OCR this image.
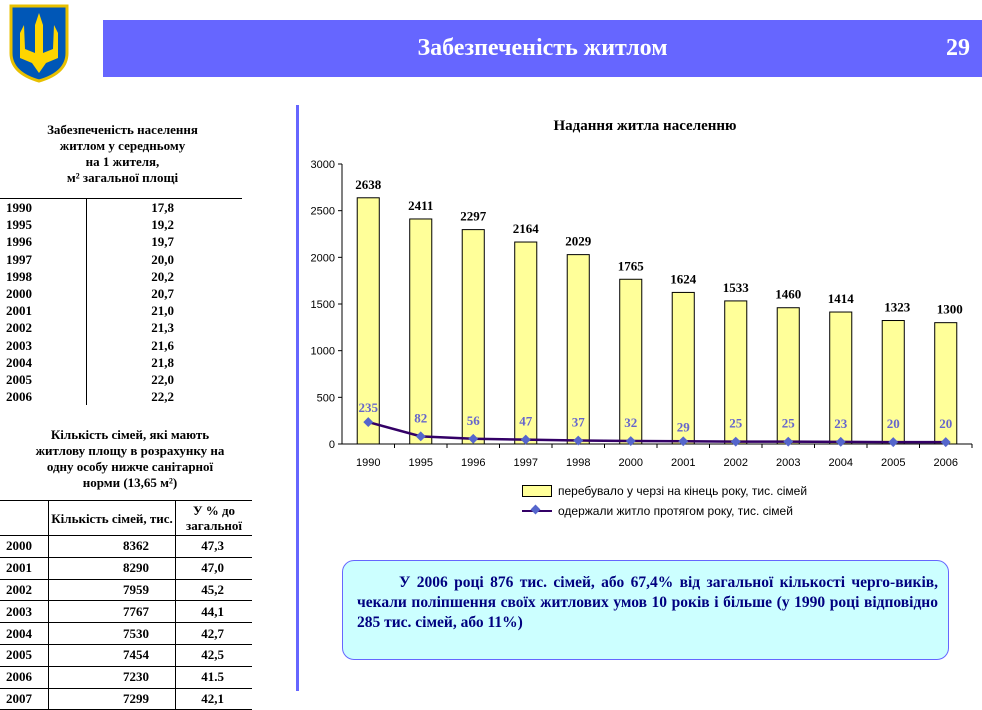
Забезпеченість житлом	29
Забезпеченість населення
житлом у середньому
на 1 жителя,
м² загальної площі
1990	17,8
1995	19,2
1996	19,7
1997	20,0
1998	20,2
2000	20,7
2001	21,0
2002	21,3
2003	21,6
2004	21,8
2005	22,0
2006	22,2
Кількість сімей, які мають
житлову площу в розрахунку на
одну особу нижче санітарної
норми (13,65 м²)
	Кількість сімей, тис.	У % до загальної
2000	8362	47,3
2001	8290	47,0
2002	7959	45,2
2003	7767	44,1
2004	7530	42,7
2005	7454	42,5
2006	7230	41.5
2007	7299	42,1
Надання житла населенню
0
500
1000
1500
2000
2500
3000
2638
1990
2411
1995
2297
1996
2164
1997
2029
1998
1765
2000
1624
2001
1533
2002
1460
2003
1414
2004
1323
2005
1300
2006
235
82	56	47	37	32	29	25	25	23	20	20
перебувало у черзі на кінець року, тис. сімей
одержали житло протягом року, тис. сімей
У 2006 році 876 тис. сімей, або 67,4% від загальної кількості черго-виків, чекали поліпшення своїх житлових умов 10 років і більше (у 1990 році відповідно 285 тис. сімей, або 11%)
